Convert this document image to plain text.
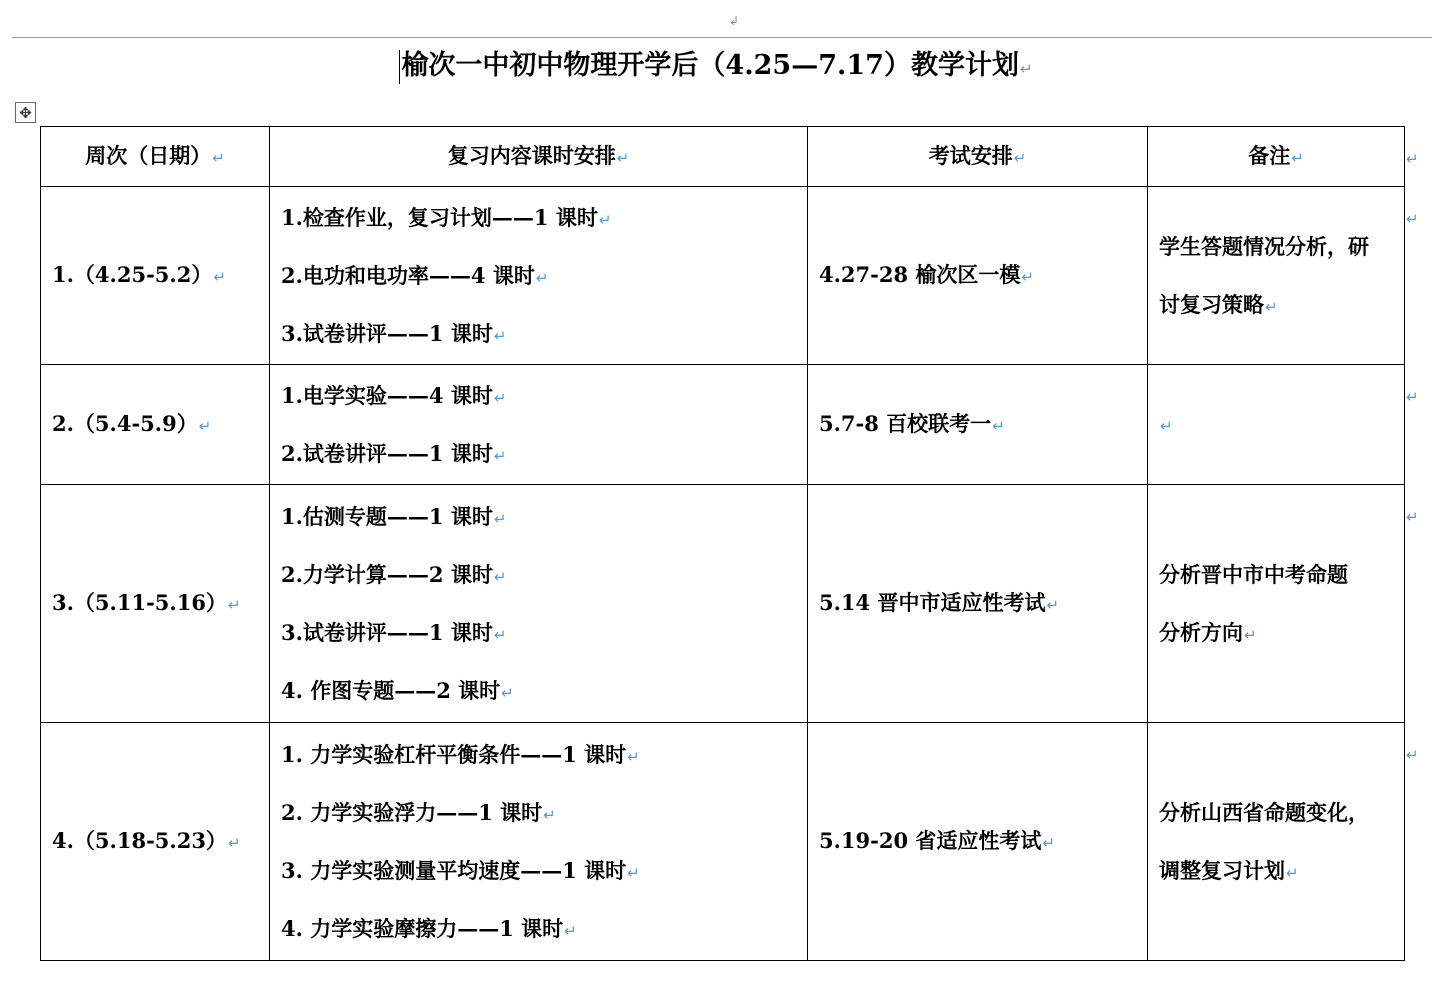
↲
榆次一中初中物理开学后（4.25—7.17）教学计划↵
✥
周次（日期）↵	复习内容课时安排↵	考试安排↵	备注↵
1.（4.25-5.2）↵	1.检查作业，复习计划——1 课时↵
2.电功和电功率——4 课时↵
3.试卷讲评——1 课时↵	4.27-28 榆次区一模↵	学生答题情况分析，研
讨复习策略↵

2.（5.4-5.9）↵	1.电学实验——4 课时↵
2.试卷讲评——1 课时↵	5.7-8 百校联考一↵	↵
3.（5.11-5.16）↵	1.估测专题——1 课时↵
2.力学计算——2 课时↵
3.试卷讲评——1 课时↵
4. 作图专题——2 课时↵	5.14 晋中市适应性考试↵	分析晋中市中考命题
分析方向↵

4.（5.18-5.23）↵	1. 力学实验杠杆平衡条件——1 课时↵
2. 力学实验浮力——1 课时↵
3. 力学实验测量平均速度——1 课时↵
4. 力学实验摩擦力——1 课时↵	5.19-20 省适应性考试↵	分析山西省命题变化，
调整复习计划↵
↵
↵
↵
↵
↵
